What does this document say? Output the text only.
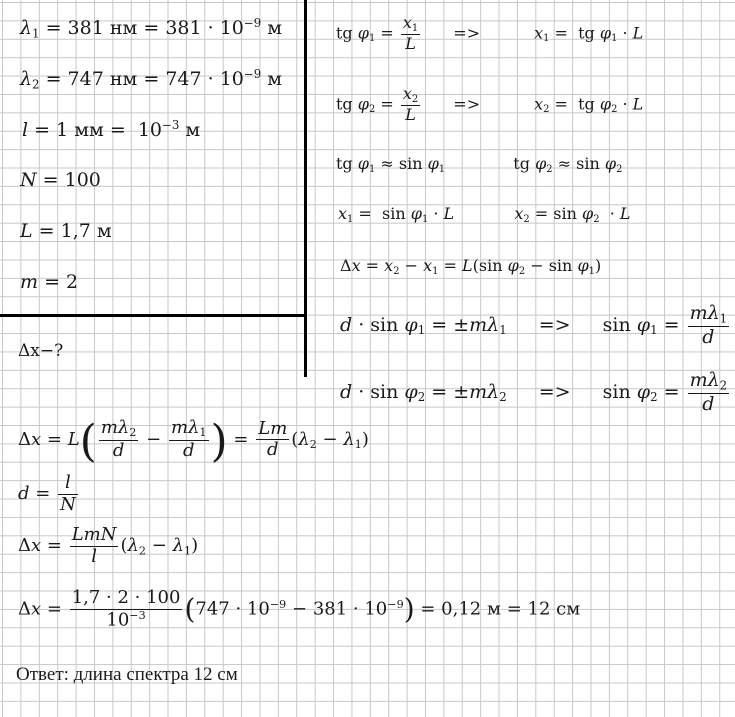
$\lambda_1 = 381$ нм = $381 \cdot 10^{-9}$ м
$\lambda_2 = 747$ нм = $747 \cdot 10^{-9}$ м
l = 1 мм =  $10^{-3}$ м
N = 100
L = 1,7 м
m = 2
Δx−?
tg $\varphi_1 = \frac{x_1}{L}$ =>	$x_1$ =  tg $\varphi_1 \cdot L$
tg $\varphi_2 = \frac{x_2}{L}$ =>	$x_2$ =  tg $\varphi_2 \cdot L$
tg $\varphi_1 \approx \sin \varphi_1$	tg $\varphi_2 \approx \sin \varphi_2$
$x_1 = \sin \varphi_1 \cdot L$	$x_2 = \sin \varphi_2 \cdot L$
$\Delta x = x_2 - x_1 = L(\sin$ $\varphi_2 - \sin \varphi_1$)
$d \cdot \sin \varphi_1 = \pm m\lambda_1 => \sin \varphi_1 = \frac{m\lambda_1}{d}$
$d \cdot \sin \varphi_2 = \pm m\lambda_2 => \sin \varphi_2 = \frac{m\lambda_2}{d}$
$\Delta x = L( \frac{m\lambda_2}{d} - \frac{m\lambda_1}{d}$ ) = $\frac{Lm}{d} (\lambda_2 - \lambda_1)$
$d = \frac{l}{N}$
$\Delta x = \frac{\text{LmN}}{l} (\lambda_2 - \lambda_1)$
$\Delta x = \frac{1,7 \cdot 2 \cdot 100}{10^{-3}} (747 \cdot 10^{-9} - 381 \cdot 10^{-9}) = 0,12$ м = 12 см
Ответ: длина спектра 12 см
